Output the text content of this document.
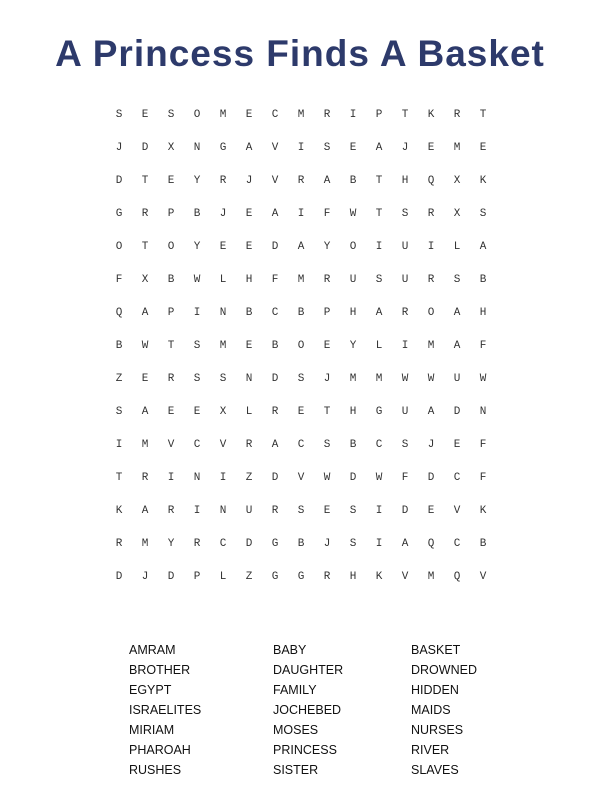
A Princess Finds A Basket
S	E	S	O	M	E	C	M	R	I	P	T	K	R	T
J	D	X	N	G	A	V	I	S	E	A	J	E	M	E
D	T	E	Y	R	J	V	R	A	B	T	H	Q	X	K
G	R	P	B	J	E	A	I	F	W	T	S	R	X	S
O	T	O	Y	E	E	D	A	Y	O	I	U	I	L	A
F	X	B	W	L	H	F	M	R	U	S	U	R	S	B
Q	A	P	I	N	B	C	B	P	H	A	R	O	A	H
B	W	T	S	M	E	B	O	E	Y	L	I	M	A	F
Z	E	R	S	S	N	D	S	J	M	M	W	W	U	W
S	A	E	E	X	L	R	E	T	H	G	U	A	D	N
I	M	V	C	V	R	A	C	S	B	C	S	J	E	F
T	R	I	N	I	Z	D	V	W	D	W	F	D	C	F
K	A	R	I	N	U	R	S	E	S	I	D	E	V	K
R	M	Y	R	C	D	G	B	J	S	I	A	Q	C	B
D	J	D	P	L	Z	G	G	R	H	K	V	M	Q	V
AMRAM	BABY	BASKET
BROTHER	DAUGHTER	DROWNED
EGYPT	FAMILY	HIDDEN
ISRAELITES	JOCHEBED	MAIDS
MIRIAM	MOSES	NURSES
PHAROAH	PRINCESS	RIVER
RUSHES	SISTER	SLAVES
